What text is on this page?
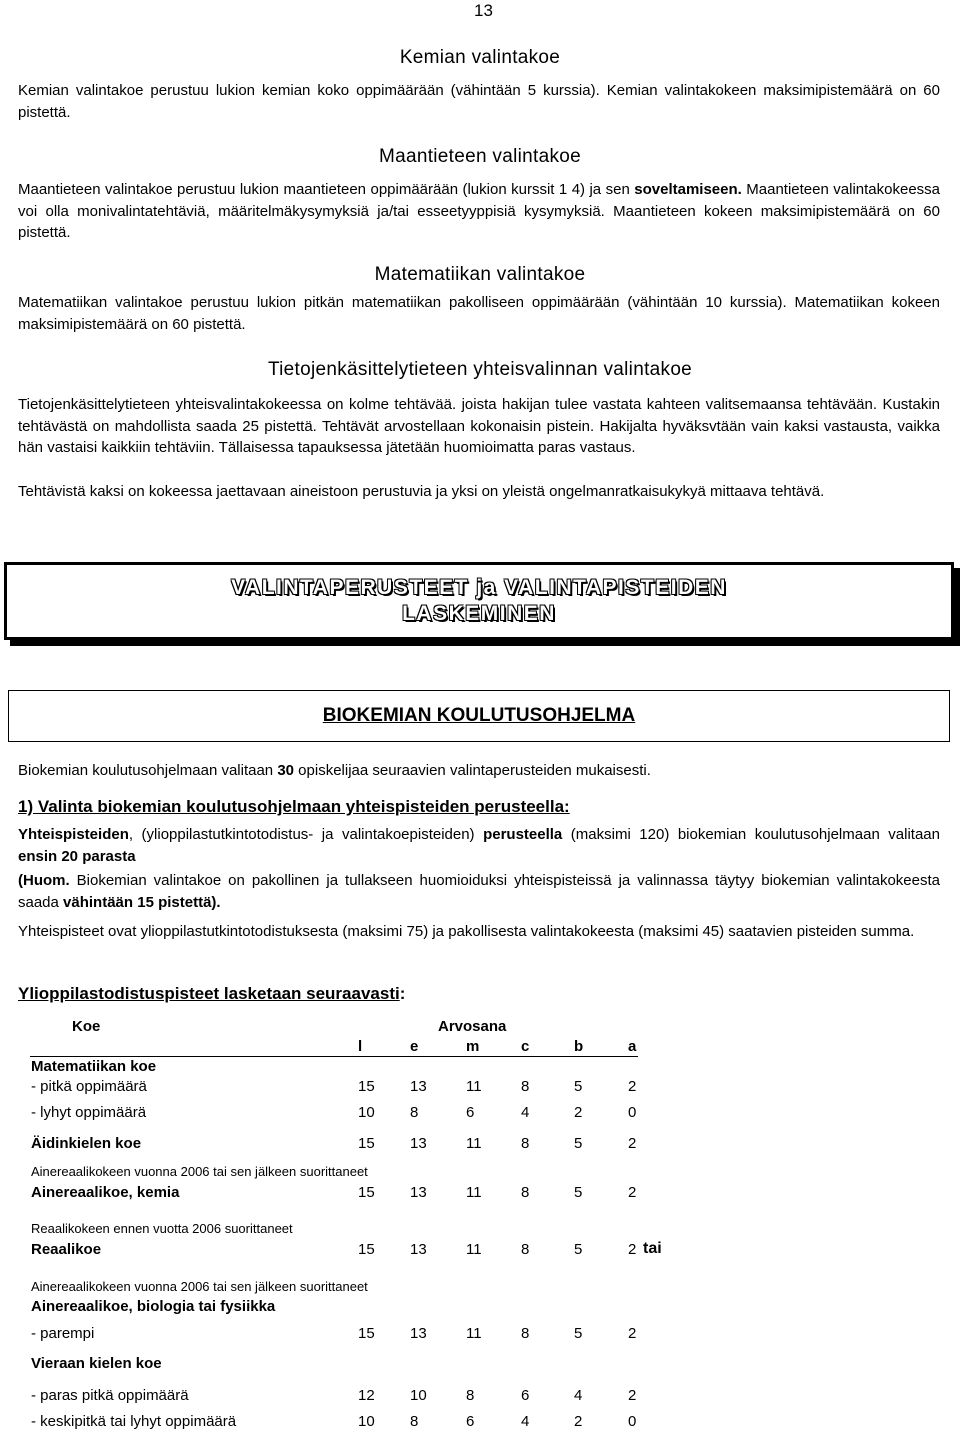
13
Kemian valintakoe
Kemian valintakoe perustuu lukion kemian koko oppimäärään (vähintään 5 kurssia). Kemian valintakokeen maksimipistemäärä on 60 pistettä.
Maantieteen valintakoe
Maantieteen valintakoe perustuu lukion maantieteen oppimäärään (lukion kurssit 1 4) ja sen soveltamiseen. Maantieteen valintakokeessa voi olla monivalintatehtäviä, määritelmäkysymyksiä ja/tai esseetyyppisiä kysymyksiä. Maantieteen kokeen maksimipistemäärä on 60 pistettä.
Matematiikan valintakoe
Matematiikan valintakoe perustuu lukion pitkän matematiikan pakolliseen oppimäärään (vähintään 10 kurssia). Matematiikan kokeen maksimipistemäärä on 60 pistettä.
Tietojenkäsittelytieteen yhteisvalinnan valintakoe
Tietojenkäsittelytieteen yhteisvalintakokeessa on kolme tehtävää. joista hakijan tulee vastata kahteen valitsemaansa tehtävään. Kustakin tehtävästä on mahdollista saada 25 pistettä. Tehtävät arvostellaan kokonaisin pistein. Hakijalta hyväksvtään vain kaksi vastausta, vaikka hän vastaisi kaikkiin tehtäviin. Tällaisessa tapauksessa jätetään huomioimatta paras vastaus.
Tehtävistä kaksi on kokeessa jaettavaan aineistoon perustuvia ja yksi on yleistä ongelmanratkaisukykyä mittaava tehtävä.
VALINTAPERUSTEET ja VALINTAPISTEIDEN
LASKEMINEN
BIOKEMIAN KOULUTUSOHJELMA
Biokemian koulutusohjelmaan valitaan 30 opiskelijaa seuraavien valintaperusteiden mukaisesti.
1) Valinta biokemian koulutusohjelmaan yhteispisteiden perusteella:
Yhteispisteiden, (ylioppilastutkintotodistus- ja valintakoepisteiden) perusteella (maksimi 120) biokemian koulutusohjelmaan valitaan ensin 20 parasta
(Huom. Biokemian valintakoe on pakollinen ja tullakseen huomioiduksi yhteispisteissä ja valinnassa täytyy biokemian valintakokeesta saada vähintään 15 pistettä).
Yhteispisteet ovat ylioppilastutkintotodistuksesta (maksimi 75) ja pakollisesta valintakokeesta (maksimi 45) saatavien pisteiden summa.
Ylioppilastodistuspisteet lasketaan seuraavasti:
Koe	Arvosana
l	e	m	c	b	a
Matematiikan koe
- pitkä oppimäärä	15 13	11	8	5	2
- lyhyt oppimäärä	10 8	6	4	2	0
Äidinkielen koe	15 13	11	8	5	2
Ainereaalikokeen vuonna 2006 tai sen jälkeen suorittaneet
Ainereaalikoe, kemia	15 13	11	8	5	2
Reaalikokeen ennen vuotta 2006 suorittaneet
Reaalikoe	15 13	11	8	5	2 tai
Ainereaalikokeen vuonna 2006 tai sen jälkeen suorittaneet
Ainereaalikoe, biologia tai fysiikka
- parempi	15 13	11	8	5	2
Vieraan kielen koe
- paras pitkä oppimäärä	12 10	8	6	4	2
- keskipitkä tai lyhyt oppimäärä	10 8	6	4	2	0
